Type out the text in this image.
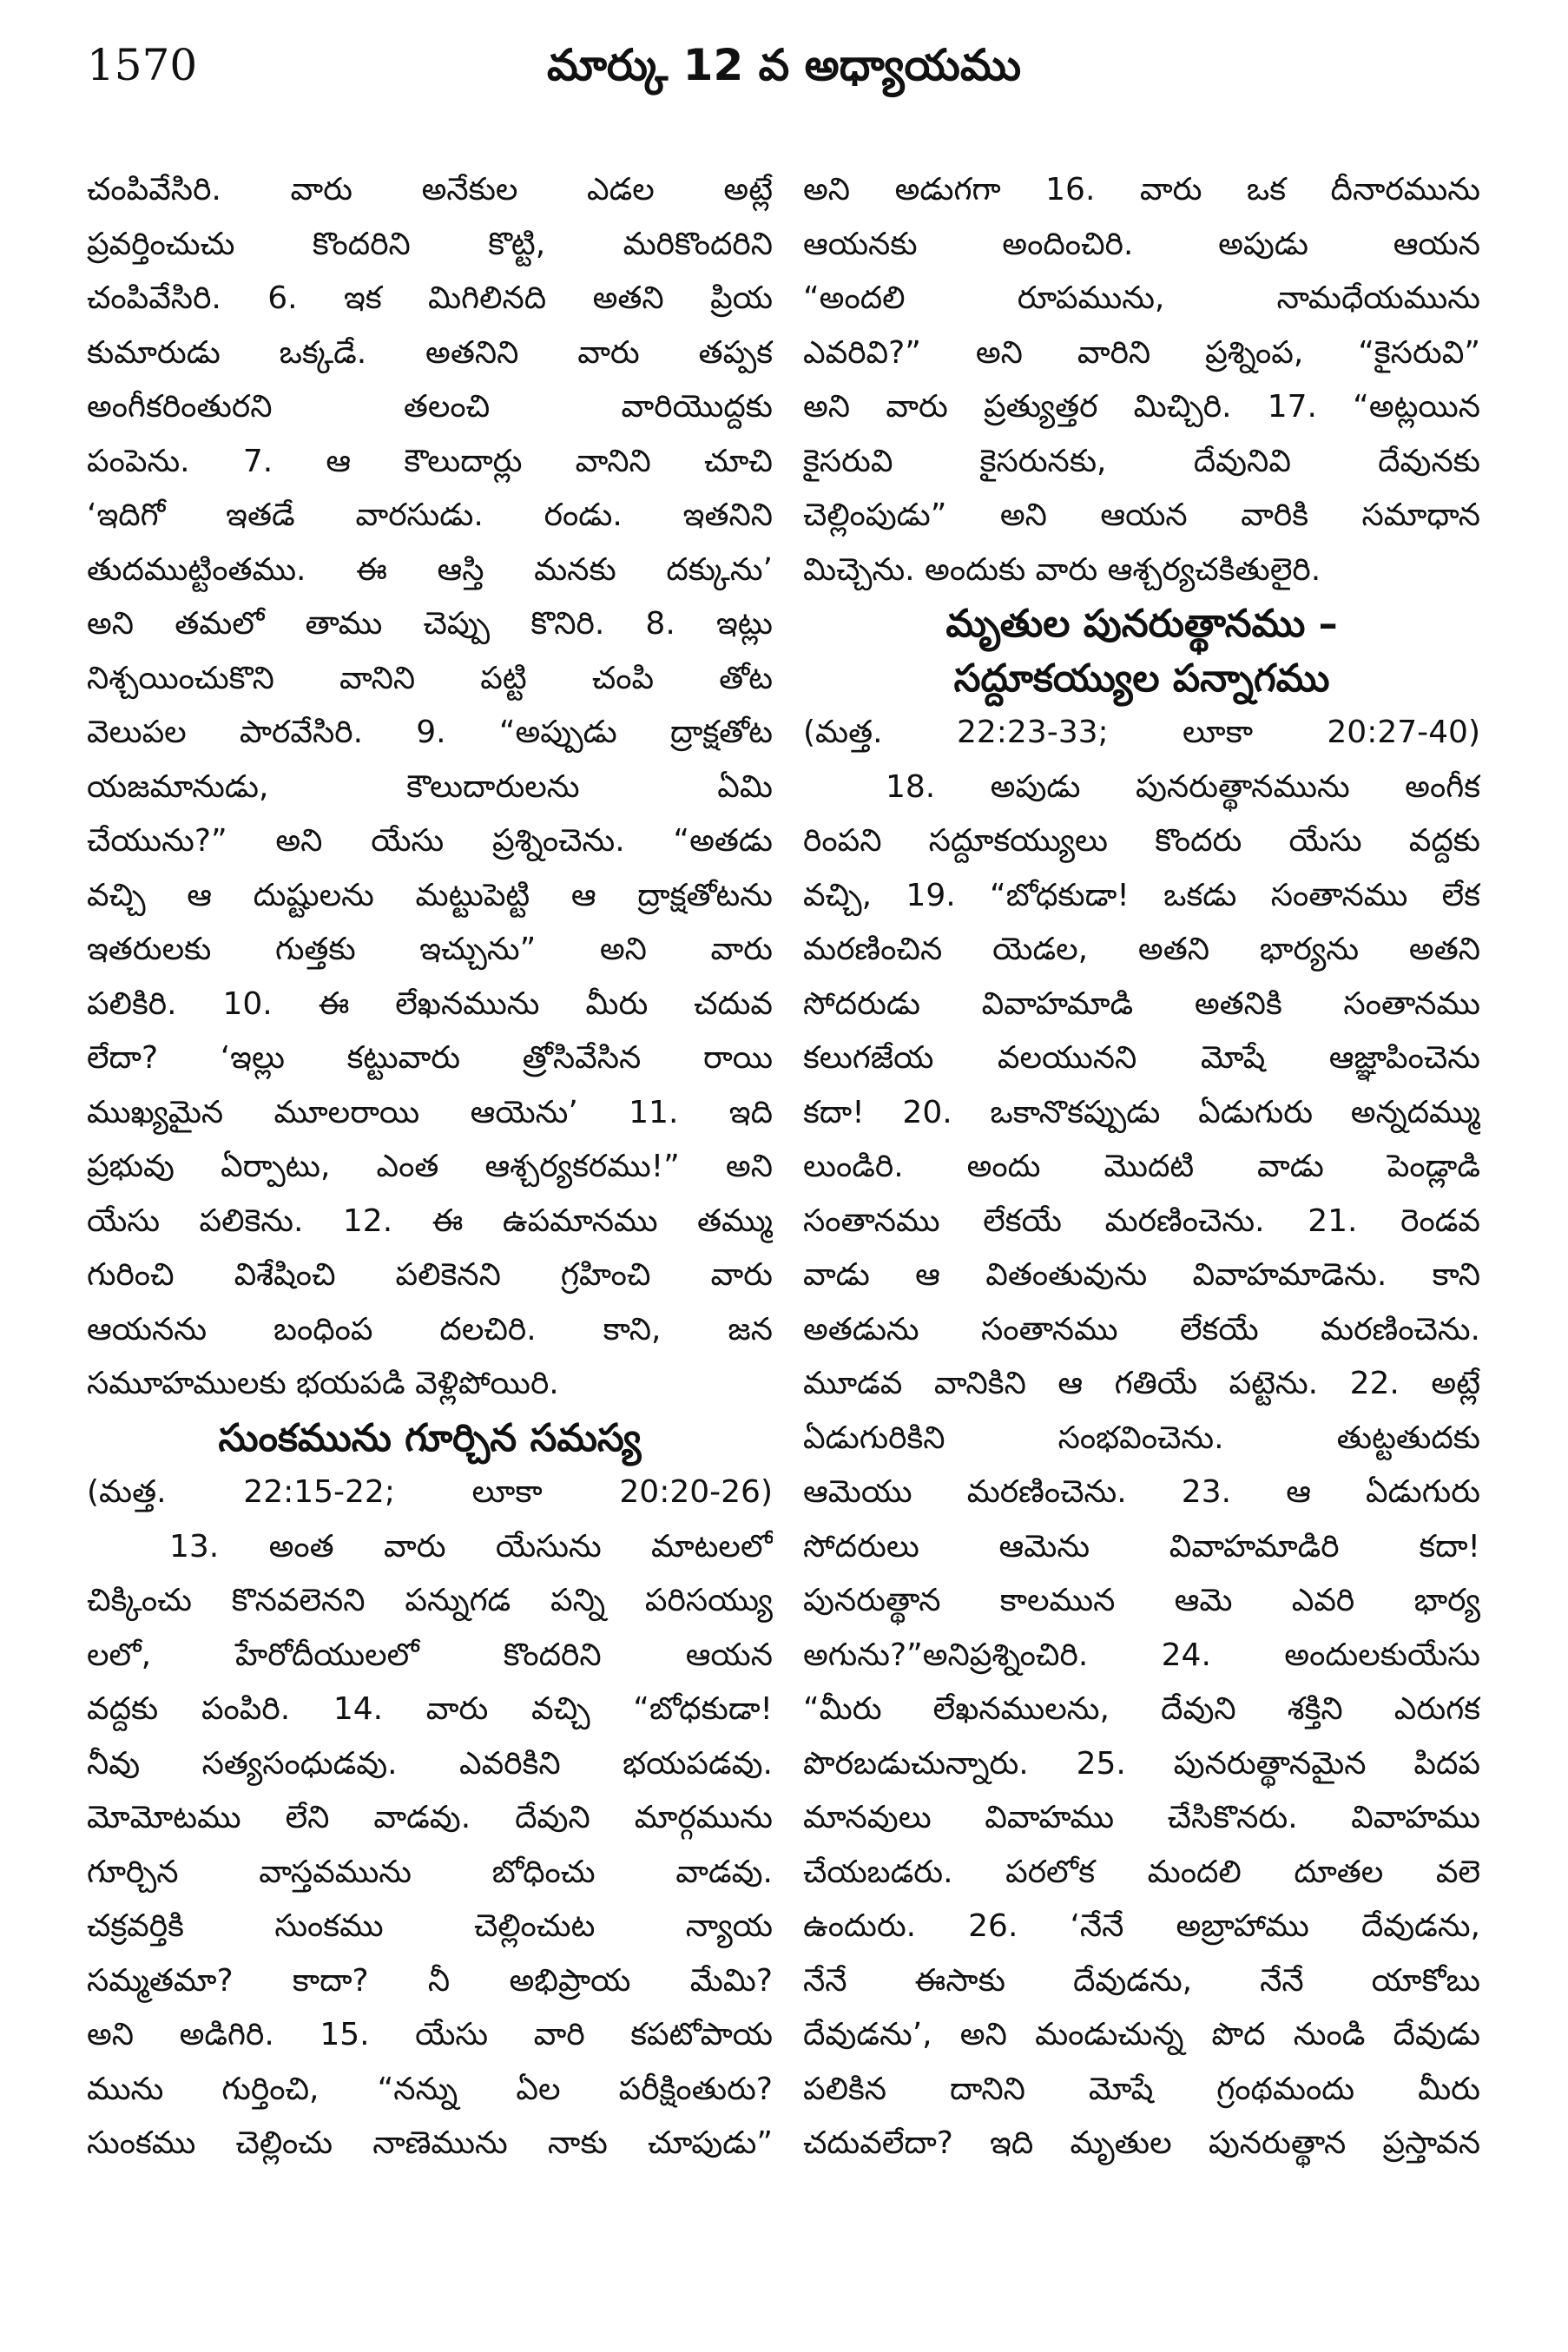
1570	మార్కు 12 వ అధ్యాయము
చంపివేసిరి. వారు అనేకుల ఎడల అట్లే
ప్రవర్తించుచు కొందరిని కొట్టి, మరికొందరిని
చంపివేసిరి. 6. ఇక మిగిలినది అతని ప్రియ
కుమారుడు ఒక్కడే. అతనిని వారు తప్పక
అంగీకరింతురని తలంచి వారియొద్దకు
పంపెను. 7. ఆ కౌలుదార్లు వానిని చూచి
‘ఇదిగో ఇతడే వారసుడు. రండు. ఇతనిని
తుదముట్టింతము. ఈ ఆస్తి మనకు దక్కును’
అని తమలో తాము చెప్పు కొనిరి. 8. ఇట్లు
నిశ్చయించుకొని వానిని పట్టి చంపి తోట
వెలుపల పారవేసిరి. 9. “అప్పుడు ద్రాక్షతోట
యజమానుడు, కౌలుదారులను ఏమి
చేయును?” అని యేసు ప్రశ్నించెను. “అతడు
వచ్చి ఆ దుష్టులను మట్టుపెట్టి ఆ ద్రాక్షతోటను
ఇతరులకు గుత్తకు ఇచ్చును” అని వారు
పలికిరి. 10. ఈ లేఖనమును మీరు చదువ
లేదా? ‘ఇల్లు కట్టువారు త్రోసివేసిన రాయి
ముఖ్యమైన మూలరాయి ఆయెను’ 11. ఇది
ప్రభువు ఏర్పాటు, ఎంత ఆశ్చర్యకరము!” అని
యేసు పలికెను. 12. ఈ ఉపమానము తమ్ము
గురించి విశేషించి పలికెనని గ్రహించి వారు
ఆయనను బంధింప దలచిరి. కాని, జన
సమూహములకు భయపడి వెళ్లిపోయిరి.
సుంకమును గూర్చిన సమస్య
(మత్త. 22:15-22; లూకా 20:20-26)
13. అంత వారు యేసును మాటలలో
చిక్కించు కొనవలెనని పన్నుగడ పన్ని పరిసయ్యు
లలో, హేరోదీయులలో కొందరిని ఆయన
వద్దకు పంపిరి. 14. వారు వచ్చి “బోధకుడా!
నీవు సత్యసంధుడవు. ఎవరికిని భయపడవు.
మోమోటము లేని వాడవు. దేవుని మార్గమును
గూర్చిన వాస్తవమును బోధించు వాడవు.
చక్రవర్తికి సుంకము చెల్లించుట న్యాయ
సమ్మతమా? కాదా? నీ అభిప్రాయ మేమి?
అని అడిగిరి. 15. యేసు వారి కపటోపాయ
మును గుర్తించి, “నన్ను ఏల పరీక్షింతురు?
సుంకము చెల్లించు నాణెమును నాకు చూపుడు”
అని అడుగగా 16. వారు ఒక దీనారమును
ఆయనకు అందించిరి. అపుడు ఆయన
“అందలి రూపమును, నామధేయమును
ఎవరివి?” అని వారిని ప్రశ్నింప, “కైసరువి”
అని వారు ప్రత్యుత్తర మిచ్చిరి. 17. “అట్లయిన
కైసరువి కైసరునకు, దేవునివి దేవునకు
చెల్లింపుడు” అని ఆయన వారికి సమాధాన
మిచ్చెను. అందుకు వారు ఆశ్చర్యచకితులైరి.
మృతుల పునరుత్థానము –
సద్దూకయ్యుల పన్నాగము
(మత్త. 22:23-33; లూకా 20:27-40)
18. అపుడు పునరుత్థానమును అంగీక
రింపని సద్దూకయ్యులు కొందరు యేసు వద్దకు
వచ్చి, 19. “బోధకుడా! ఒకడు సంతానము లేక
మరణించిన యెడల, అతని భార్యను అతని
సోదరుడు వివాహమాడి అతనికి సంతానము
కలుగజేయ వలయునని మోషే ఆజ్ఞాపించెను
కదా! 20. ఒకానొకప్పుడు ఏడుగురు అన్నదమ్ము
లుండిరి. అందు మొదటి వాడు పెండ్లాడి
సంతానము లేకయే మరణించెను. 21. రెండవ
వాడు ఆ వితంతువును వివాహమాడెను. కాని
అతడును సంతానము లేకయే మరణించెను.
మూడవ వానికిని ఆ గతియే పట్టెను. 22. అట్లే
ఏడుగురికిని సంభవించెను. తుట్టతుదకు
ఆమెయు మరణించెను. 23. ఆ ఏడుగురు
సోదరులు ఆమెను వివాహమాడిరి కదా!
పునరుత్థాన కాలమున ఆమె ఎవరి భార్య
అగును?”అనిప్రశ్నించిరి. 24. అందులకుయేసు
“మీరు లేఖనములను, దేవుని శక్తిని ఎరుగక
పొరబడుచున్నారు. 25. పునరుత్థానమైన పిదప
మానవులు వివాహము చేసికొనరు. వివాహము
చేయబడరు. పరలోక మందలి దూతల వలె
ఉందురు. 26. ‘నేనే అబ్రాహాము దేవుడను,
నేనే ఈసాకు దేవుడను, నేనే యాకోబు
దేవుడను’, అని మండుచున్న పొద నుండి దేవుడు
పలికిన దానిని మోషే గ్రంథమందు మీరు
చదువలేదా? ఇది మృతుల పునరుత్థాన ప్రస్తావన
